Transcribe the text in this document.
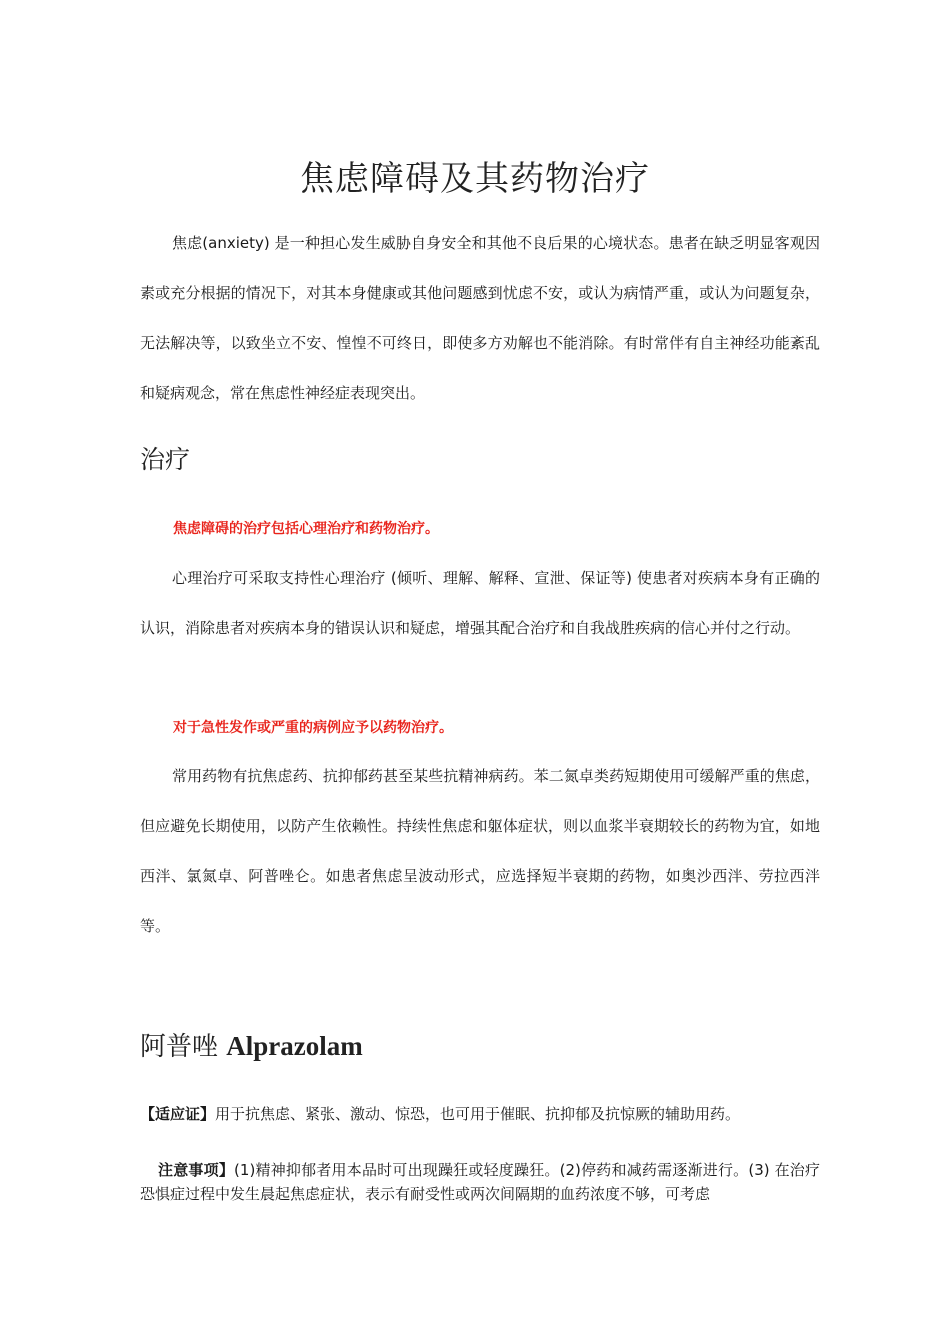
焦虑障碍及其药物治疗

焦虑(anxiety) 是一种担心发生威胁自身安全和其他不良后果的心境状态。患者在缺乏明显客观因素或充分根据的情况下，对其本身健康或其他问题感到忧虑不安，或认为病情严重，或认为问题复杂，无法解决等，以致坐立不安、惶惶不可终日，即使多方劝解也不能消除。有时常伴有自主神经功能紊乱和疑病观念，常在焦虑性神经症表现突出。

治疗

焦虑障碍的治疗包括心理治疗和药物治疗。

心理治疗可采取支持性心理治疗 (倾听、理解、解释、宣泄、保证等) 使患者对疾病本身有正确的认识，消除患者对疾病本身的错误认识和疑虑，增强其配合治疗和自我战胜疾病的信心并付之行动。

对于急性发作或严重的病例应予以药物治疗。

常用药物有抗焦虑药、抗抑郁药甚至某些抗精神病药。苯二氮卓类药短期使用可缓解严重的焦虑，但应避免长期使用，以防产生依赖性。持续性焦虑和躯体症状，则以血浆半衰期较长的药物为宜，如地西泮、氯氮卓、阿普唑仑。如患者焦虑呈波动形式，应选择短半衰期的药物，如奥沙西泮、劳拉西泮等。

阿普唑 Alprazolam

【适应证】用于抗焦虑、紧张、激动、惊恐，也可用于催眠、抗抑郁及抗惊厥的辅助用药。

注意事项】(1)精神抑郁者用本品时可出现躁狂或轻度躁狂。(2)停药和减药需逐渐进行。(3) 在治疗恐惧症过程中发生晨起焦虑症状，表示有耐受性或两次间隔期的血药浓度不够，可考虑
